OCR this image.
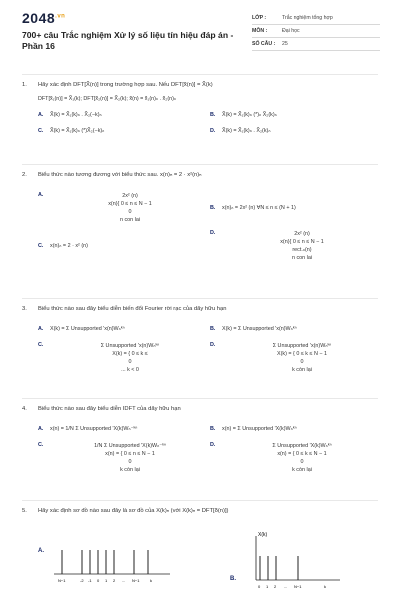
$2048^{.vn}$
700+ câu Trắc nghiệm Xử lý số liệu tín hiệu đáp án - Phần 16
LỚP :	Trắc nghiệm tổng hợp
MÔN :	Đại học
SỐ CÂU :	25
1.	Hãy xác định DFT[X̃(n)] trong trường hợp sau. Nếu DFT[x̃(n)] = X̃(k)
DFT[x̃₁(n)] = X̃₁(k); DFT[x̃₂(n)] = X̃₂(k); x̃(n) = x̃₁(n)ₙ . x̃₂(n)ₙ
A.	X̃(k) = X̃₁(k)ₙ . X̃₂(−k)ₙ	B.	X̃(k) = X̃₁(k)ₙ (*)ₙ X̃₂(k)ₙ
C.	X̃(k) = X̃₁(k)ₙ (*)X̃₂(−k)ₙ	D.	X̃(k) = X̃₁(k)ₙ . X̃₂(k)ₙ
2.	Biểu thức nào tương đương với biểu thức sau. x(n)ₙ = 2 · x²(n)ₙ
A.	2x² (n)
x(n){ 0 ≤ n ≤ N − 1
0
n con lai
B.	x(n)ₙ = 2x² (n) ∀N ≤ n ≤ (N + 1)
C.	x(n)ₙ = 2 · x² (n)
D.	2x² (n)
x(n){ 0 ≤ n ≤ N − 1
rect.ₙ(n)
n con lai
3.	Biểu thức nào sau đây biểu diễn biến đổi Fourier rời rạc của dãy hữu hạn
A.	X(k) = Σ Unsupported 'x(n)Wₙᵏⁿ	B.	X(k) = Σ Unsupported 'x(n)Wₙᵏⁿ
C.	Σ Unsupported 'x(n)Wₙᵏⁿ
X(k) = { 0 ≤ k ≤
0
... k < 0
D.	Σ Unsupported 'x(n)Wₙᵏⁿ
X(k) = { 0 ≤ k ≤ N − 1
0
k còn lại
4.	Biểu thức nào sau đây biểu diễn IDFT của dãy hữu hạn
A.	x(n) = 1/N Σ Unsupported 'X(k)Wₙ⁻ᵏⁿ	B.	x(n) = Σ Unsupported 'X(k)Wₙᵏⁿ
C.	1/N Σ Unsupported 'X(k)Wₙ⁻ᵏⁿ
x(n) = { 0 ≤ n ≤ N − 1
0
k còn lại
D.	Σ Unsupported 'X(k)Wₙᵏⁿ
x(n) = { 0 ≤ k ≤ N − 1
0
k còn lại
5.	Hãy xác định sơ đồ nào sau đây là sơ đồ của X(k)ₙ (với X(k)ₙ = DFT[δ(n)])
A.
N−1	-2 -1 0 1 2 ... N−1	k	B.
X(k)
0 1 2 ... N−1	k
